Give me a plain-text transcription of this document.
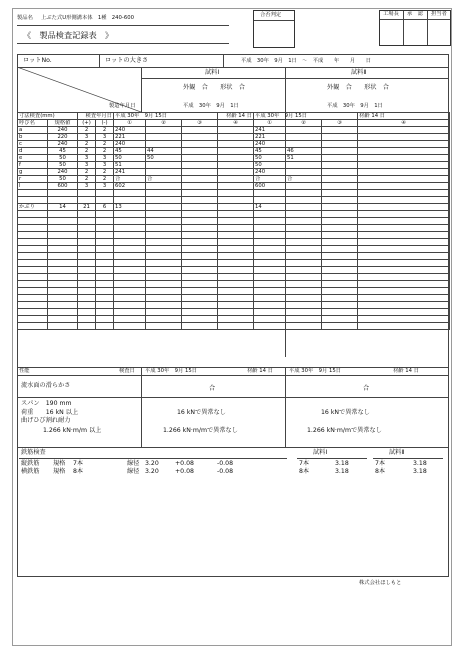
製品名 上ぶた式U形側溝本体　1種　240-600
《　製品検査記録表　》
合否判定	工場長 承　認 担当者
ロットNo.	ロットの大きさ	平成　30年　9月　1日　～　平成　　年　　月　　日
試料Ⅰ	試料Ⅱ
外観　 合　　 形状　 合	外観　 合　　 形状　 合
製造年月日	平成　30年　9月　1日	平成　30年　9月　1日
寸法検査(mm)		検査年月日		平成 30年　9月 15日			材齢 14 日	平成 30年　9月 15日			材齢 14 日
呼び名	規格値	(+)	(-)	①	②	③	④	①	②	③	④
a	240	2	2	240				241			
b	220	3	3	221				221			
c	240	2	2	240				240			
d	45	2	2	45	44			45	46		
e	50	3	3	50	50			50	51		
f	50	3	3	51				50			
g	240	2	2	241				240			
r	50	2	2	合	合			合	合		
l	600	3	3	602				600			

かぶり	14	21	6	13				14			

性能	検査日 平成 30年　9月 15日	材齢 14 日	平成 30年　9月 15日	材齢 14 日
流水面の滑らかさ	合	合
スパン　190 mm
荷重　　16 kN 以上
曲げひび割れ耐力
1.266 kN·m/m 以上
16 kNで異常なし
1.266 kN·m/mで異常なし
16 kNで異常なし
1.266 kN·m/mで異常なし
鉄筋検査	試料Ⅰ	試料Ⅱ
縦鉄筋 規格 7本	線径 3.20	+0.08	-0.08	7本	3.18	7本	3.18
横鉄筋 規格 8本	線径 3.20	+0.08	-0.08	8本	3.18	8本	3.18
株式会社ほしもと
